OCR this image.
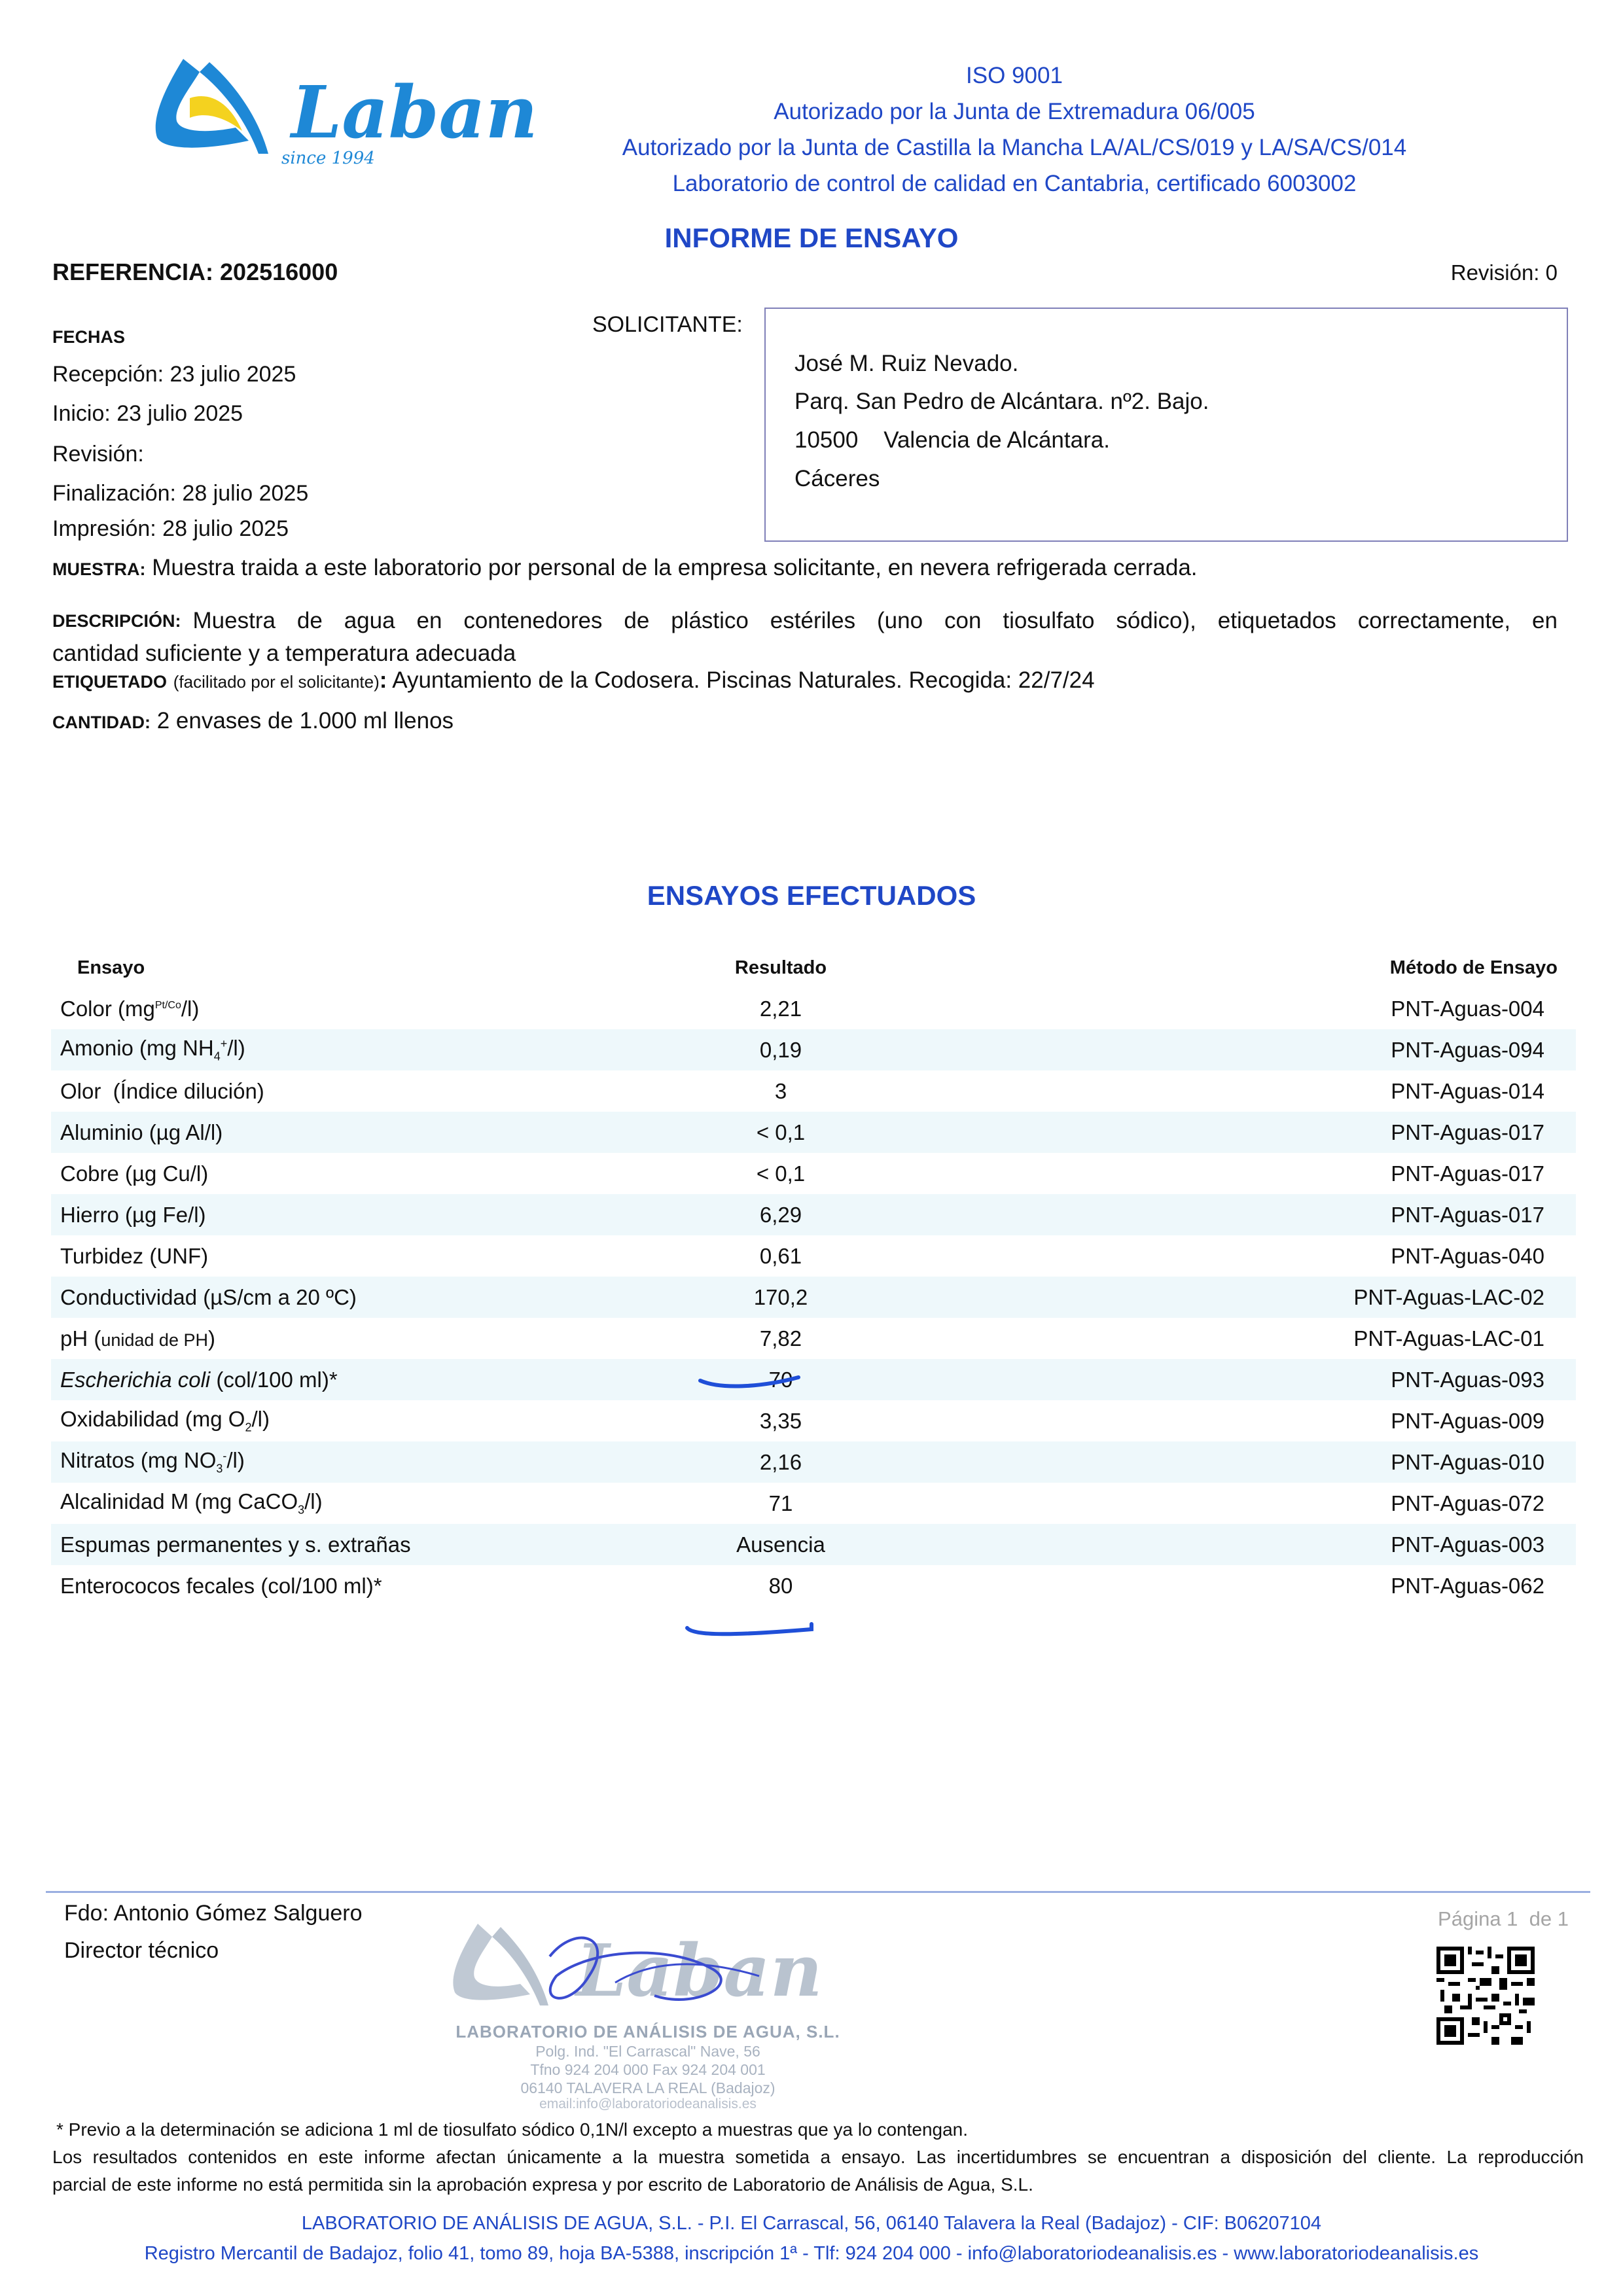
Laban
since 1994
ISO 9001
Autorizado por la Junta de Extremadura 06/005
Autorizado por la Junta de Castilla la Mancha LA/AL/CS/019 y LA/SA/CS/014
Laboratorio de control de calidad en Cantabria, certificado 6003002
INFORME DE ENSAYO
REFERENCIA: 202516000	Revisión: 0
FECHAS
Recepción: 23 julio 2025
Inicio: 23 julio 2025
Revisión:
Finalización: 28 julio 2025
Impresión: 28 julio 2025
SOLICITANTE:
José M. Ruiz Nevado.
Parq. San Pedro de Alcántara. nº2. Bajo.
10500    Valencia de Alcántara.
Cáceres
MUESTRA: Muestra traida a este laboratorio por personal de la empresa solicitante, en nevera refrigerada cerrada.
DESCRIPCIÓN: Muestra de agua en contenedores de plástico estériles (uno con tiosulfato sódico), etiquetados correctamente, en
cantidad suficiente y a temperatura adecuada
ETIQUETADO (facilitado por el solicitante): Ayuntamiento de la Codosera. Piscinas Naturales. Recogida: 22/7/24
CANTIDAD: 2 envases de 1.000 ml llenos
ENSAYOS EFECTUADOS
Ensayo	Resultado	Método de Ensayo
Color $(mg^{Pt/Co}/l)$	2,21	PNT-Aguas-004
Amonio (mg $NH_4^+/l$)	0,19	PNT-Aguas-094
Olor  (Índice dilución)	3	PNT-Aguas-014
Aluminio (µg Al/l)	< 0,1	PNT-Aguas-017
Cobre (µg Cu/l)	< 0,1	PNT-Aguas-017
Hierro (µg Fe/l)	6,29	PNT-Aguas-017
Turbidez (UNF)	0,61	PNT-Aguas-040
Conductividad (µS/cm a 20 ºC)	170,2	PNT-Aguas-LAC-02
pH (unidad de PH)	7,82	PNT-Aguas-LAC-01
Escherichia coli (col/100 ml)*	70	PNT-Aguas-093
Oxidabilidad (mg $O_2/l$)	3,35	PNT-Aguas-009
Nitratos (mg $NO_3^-/l$)	2,16	PNT-Aguas-010
Alcalinidad M (mg CaCO$_3$/l)	71	PNT-Aguas-072
Espumas permanentes y s. extrañas	Ausencia	PNT-Aguas-003
Enterococos fecales (col/100 ml)*	80	PNT-Aguas-062
Fdo: Antonio Gómez Salguero
Director técnico	Laban
LABORATORIO DE ANÁLISIS DE AGUA, S.L.
Polg. Ind. "El Carrascal" Nave, 56
Tfno 924 204 000 Fax 924 204 001
06140 TALAVERA LA REAL (Badajoz)
email:info@laboratoriodeanalisis.es
Página 1  de 1
* Previo a la determinación se adiciona 1 ml de tiosulfato sódico 0,1N/l excepto a muestras que ya lo contengan.
Los resultados contenidos en este informe afectan únicamente a la muestra sometida a ensayo. Las incertidumbres se encuentran a disposición del cliente. La reproducción
parcial de este informe no está permitida sin la aprobación expresa y por escrito de Laboratorio de Análisis de Agua, S.L.
LABORATORIO DE ANÁLISIS DE AGUA, S.L. - P.I. El Carrascal, 56, 06140 Talavera la Real (Badajoz) - CIF: B06207104
Registro Mercantil de Badajoz, folio 41, tomo 89, hoja BA-5388, inscripción 1ª - Tlf: 924 204 000 - info@laboratoriodeanalisis.es - www.laboratoriodeanalisis.es
